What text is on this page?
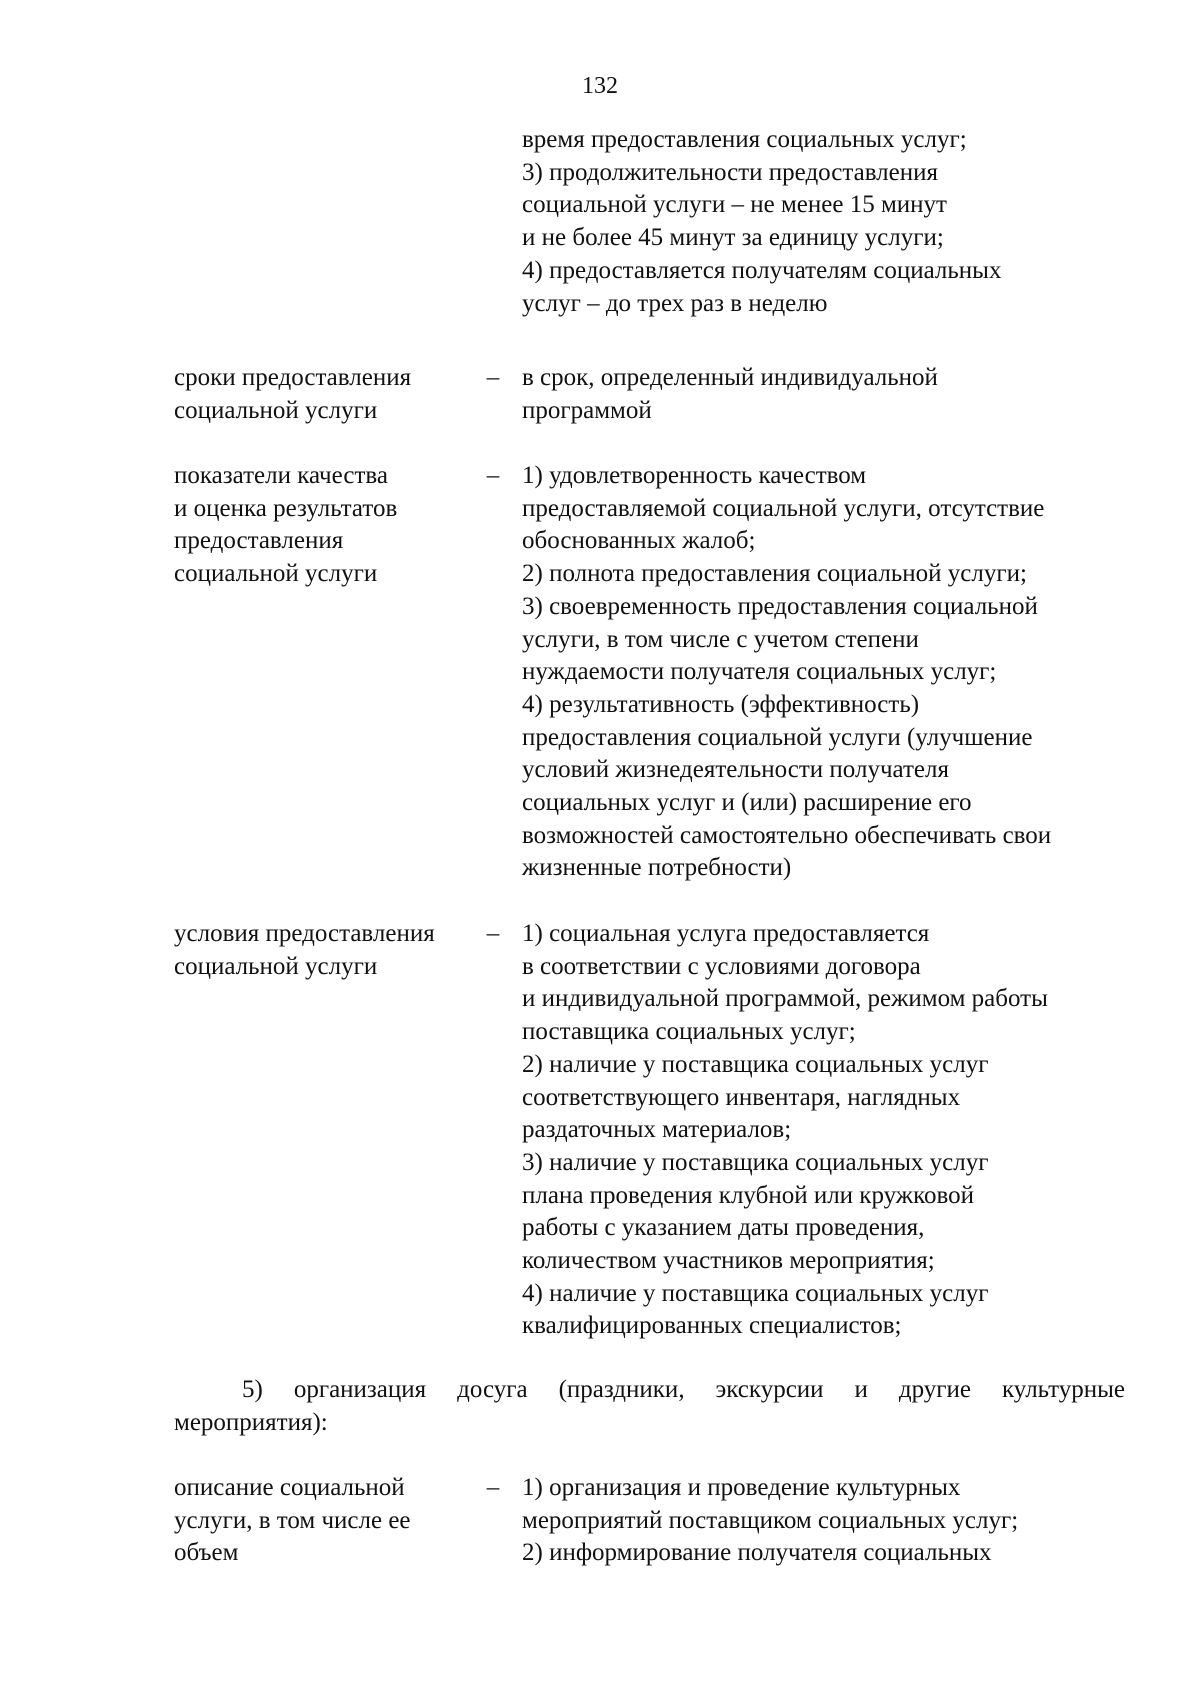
132
время предоставления социальных услуг;
3) продолжительности предоставления
социальной услуги – не менее 15 минут
и не более 45 минут за единицу услуги;
4) предоставляется получателям социальных
услуг – до трех раз в неделю
сроки предоставления
социальной услуги
– в срок, определенный индивидуальной
программой
показатели качества
и оценка результатов
предоставления
социальной услуги
– 1) удовлетворенность качеством
предоставляемой социальной услуги, отсутствие
обоснованных жалоб;
2) полнота предоставления социальной услуги;
3) своевременность предоставления социальной
услуги, в том числе с учетом степени
нуждаемости получателя социальных услуг;
4) результативность (эффективность)
предоставления социальной услуги (улучшение
условий жизнедеятельности получателя
социальных услуг и (или) расширение его
возможностей самостоятельно обеспечивать свои
жизненные потребности)
условия предоставления
социальной услуги
– 1) социальная услуга предоставляется
в соответствии с условиями договора
и индивидуальной программой, режимом работы
поставщика социальных услуг;
2) наличие у поставщика социальных услуг
соответствующего инвентаря, наглядных
раздаточных материалов;
3) наличие у поставщика социальных услуг
плана проведения клубной или кружковой
работы с указанием даты проведения,
количеством участников мероприятия;
4) наличие у поставщика социальных услуг
квалифицированных специалистов;
5) организация досуга (праздники, экскурсии и другие культурные
мероприятия):
описание социальной
услуги, в том числе ее
объем
– 1) организация и проведение культурных
мероприятий поставщиком социальных услуг;
2) информирование получателя социальных
